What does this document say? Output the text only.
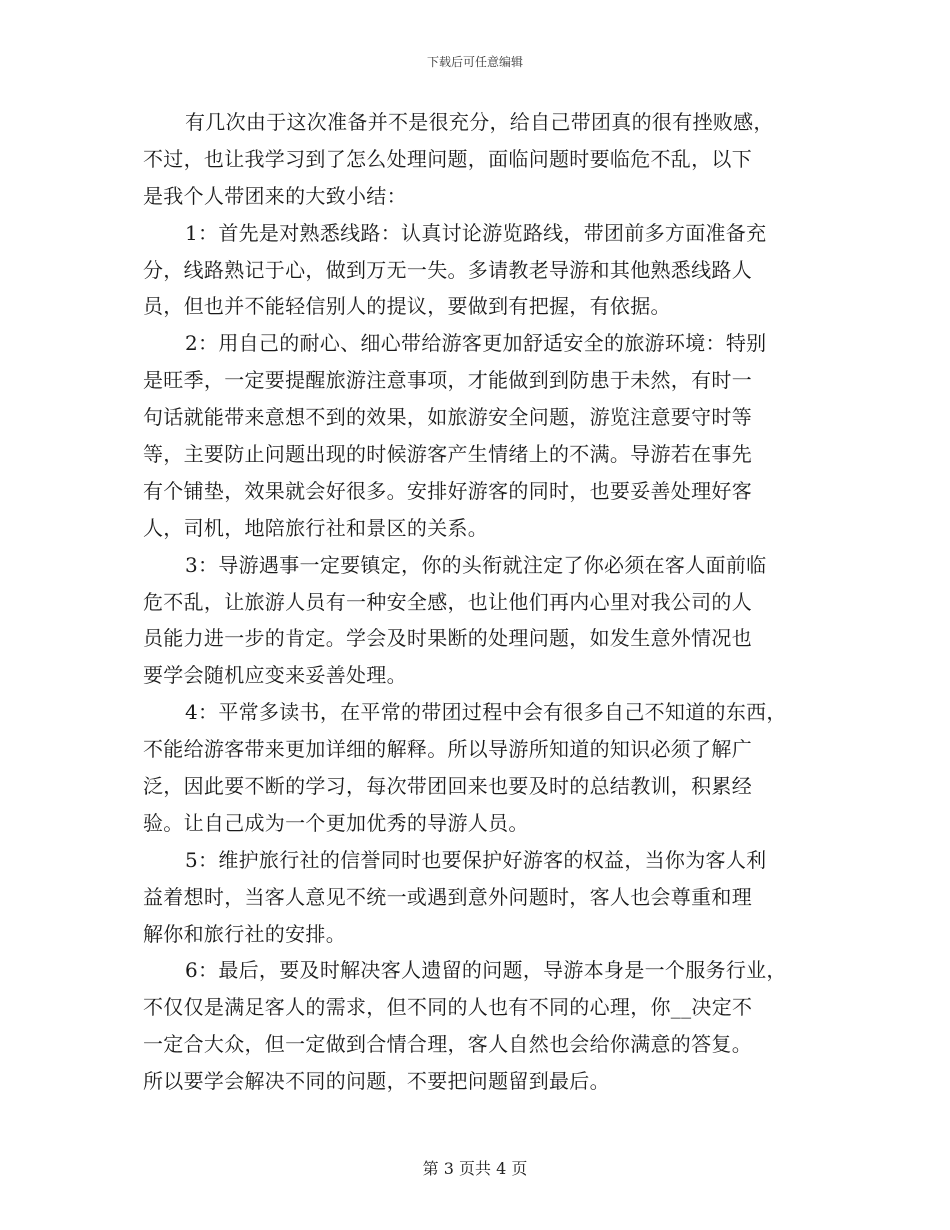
下载后可任意编辑
有几次由于这次准备并不是很充分，给自己带团真的很有挫败感，
不过，也让我学习到了怎么处理问题，面临问题时要临危不乱，以下
是我个人带团来的大致小结：
1：首先是对熟悉线路：认真讨论游览路线，带团前多方面准备充
分，线路熟记于心，做到万无一失。多请教老导游和其他熟悉线路人
员，但也并不能轻信别人的提议，要做到有把握，有依据。
2：用自己的耐心、细心带给游客更加舒适安全的旅游环境：特别
是旺季，一定要提醒旅游注意事项，才能做到到防患于未然，有时一
句话就能带来意想不到的效果，如旅游安全问题，游览注意要守时等
等，主要防止问题出现的时候游客产生情绪上的不满。导游若在事先
有个铺垫，效果就会好很多。安排好游客的同时，也要妥善处理好客
人，司机，地陪旅行社和景区的关系。
3：导游遇事一定要镇定，你的头衔就注定了你必须在客人面前临
危不乱，让旅游人员有一种安全感，也让他们再内心里对我公司的人
员能力进一步的肯定。学会及时果断的处理问题，如发生意外情况也
要学会随机应变来妥善处理。
4：平常多读书，在平常的带团过程中会有很多自己不知道的东西，
不能给游客带来更加详细的解释。所以导游所知道的知识必须了解广
泛，因此要不断的学习，每次带团回来也要及时的总结教训，积累经
验。让自己成为一个更加优秀的导游人员。
5：维护旅行社的信誉同时也要保护好游客的权益，当你为客人利
益着想时，当客人意见不统一或遇到意外问题时，客人也会尊重和理
解你和旅行社的安排。
6：最后，要及时解决客人遗留的问题，导游本身是一个服务行业，
不仅仅是满足客人的需求，但不同的人也有不同的心理，你__决定不
一定合大众，但一定做到合情合理，客人自然也会给你满意的答复。
所以要学会解决不同的问题，不要把问题留到最后。
第 3 页共 4 页
